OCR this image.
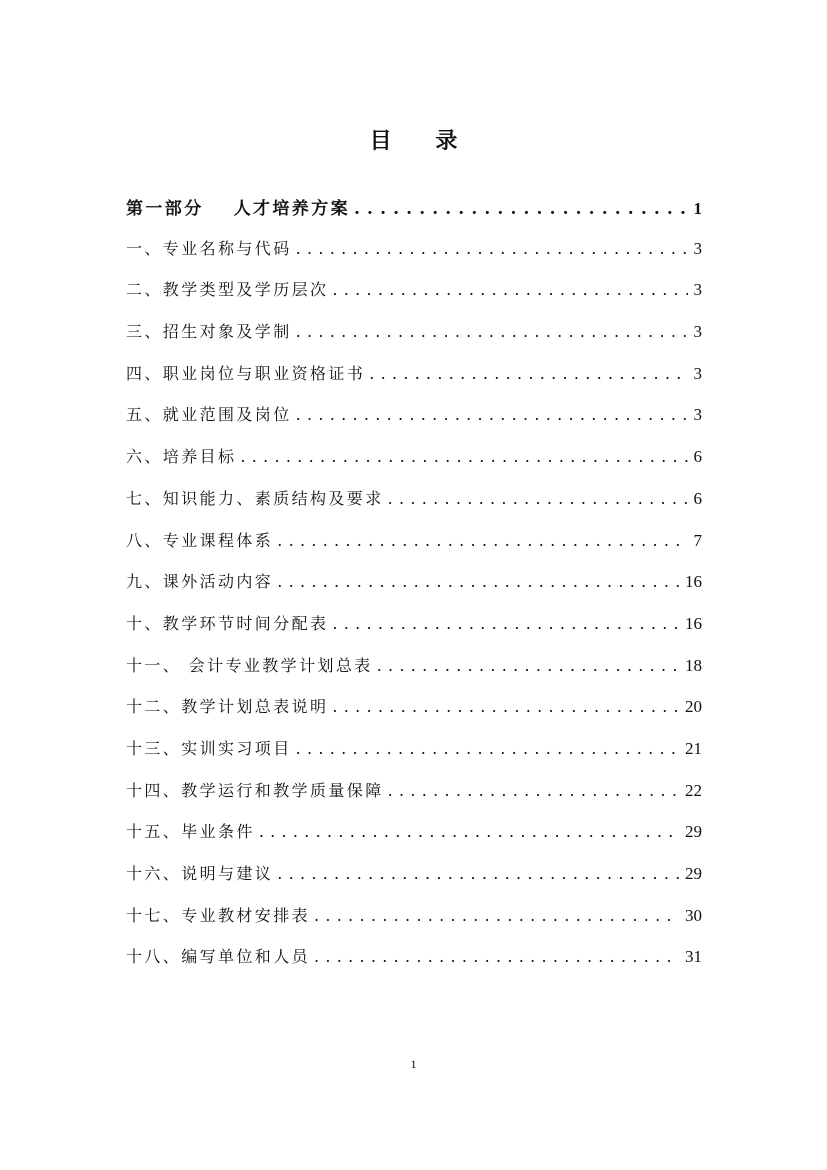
目 录
第一部分 人才培养方案 . . .	1
一、专业名称与代码 . . .	3
二、教学类型及学历层次 . . .	3
三、招生对象及学制 . . .	3
四、职业岗位与职业资格证书 . . .	3
五、就业范围及岗位 . . .	3
六、培养目标 . . .	6
七、知识能力、素质结构及要求 . . .	6
八、专业课程体系 . . .	7
九、课外活动内容 . . .	16
十、教学环节时间分配表 . . .	16
十一、 会计专业教学计划总表 . . .	18
十二、教学计划总表说明 . . .	20
十三、实训实习项目 . . .	21
十四、教学运行和教学质量保障 . . .	22
十五、毕业条件 . . .	29
十六、说明与建议 . . .	29
十七、专业教材安排表 . . .	30
十八、编写单位和人员 . . .	31
1
